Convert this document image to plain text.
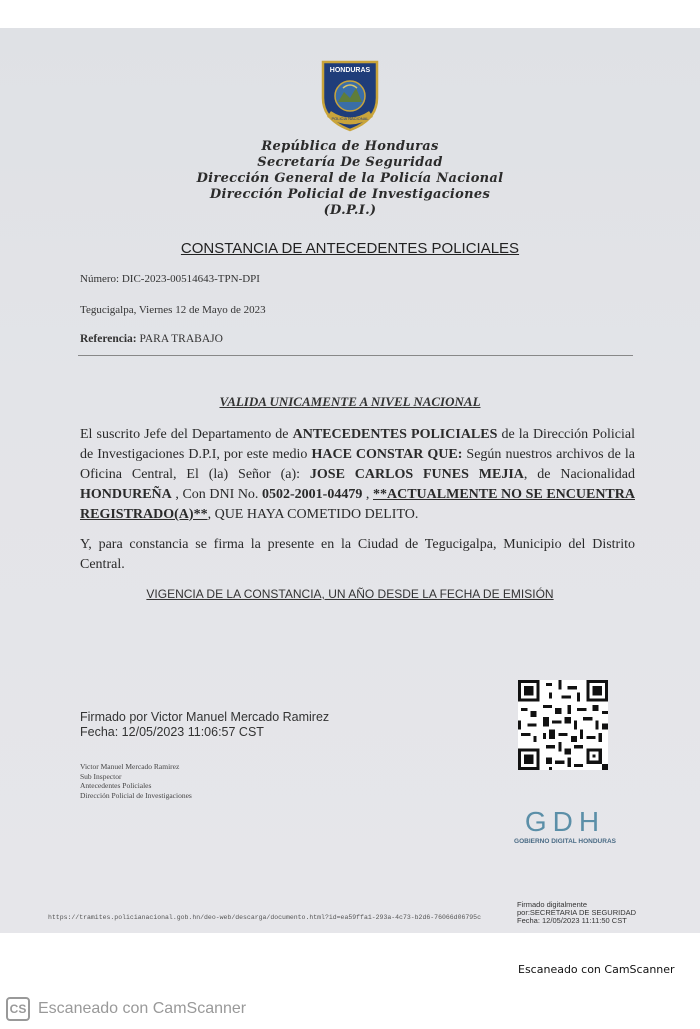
HONDURAS
POLICIA NACIONAL
República de Honduras
Secretaría De Seguridad
Dirección General de la Policía Nacional
Dirección Policial de Investigaciones
(D.P.I.)
CONSTANCIA DE ANTECEDENTES POLICIALES
Número: DIC-2023-00514643-TPN-DPI
Tegucigalpa, Viernes 12 de Mayo de 2023
Referencia: PARA TRABAJO
VALIDA UNICAMENTE A NIVEL NACIONAL
El suscrito Jefe del Departamento de ANTECEDENTES POLICIALES de la Dirección Policial de Investigaciones D.P.I, por este medio HACE CONSTAR QUE: Según nuestros archivos de la Oficina Central, El (la) Señor (a): JOSE CARLOS FUNES MEJIA, de Nacionalidad HONDUREÑA , Con DNI No. 0502-2001-04479 , **ACTUALMENTE NO SE ENCUENTRA REGISTRADO(A)**, QUE HAYA COMETIDO DELITO.
Y, para constancia se firma la presente en la Ciudad de Tegucigalpa, Municipio del Distrito Central.
VIGENCIA DE LA CONSTANCIA, UN AÑO DESDE LA FECHA DE EMISIÓN
Firmado por Victor Manuel Mercado Ramirez
Fecha: 12/05/2023 11:06:57 CST
Victor Manuel Mercado Ramirez
Sub Inspector
Antecedentes Policiales
Dirección Policial de Investigaciones
GDH
GOBIERNO DIGITAL HONDURAS
https://tramites.policianacional.gob.hn/deo-web/descarga/documento.html?id=ea59ffa1-293a-4c73-b2d6-76066d06795c
Firmado digitalmente
por:SECRETARIA DE SEGURIDAD
Fecha: 12/05/2023 11:11:50 CST
Escaneado con CamScanner
CS Escaneado con CamScanner
